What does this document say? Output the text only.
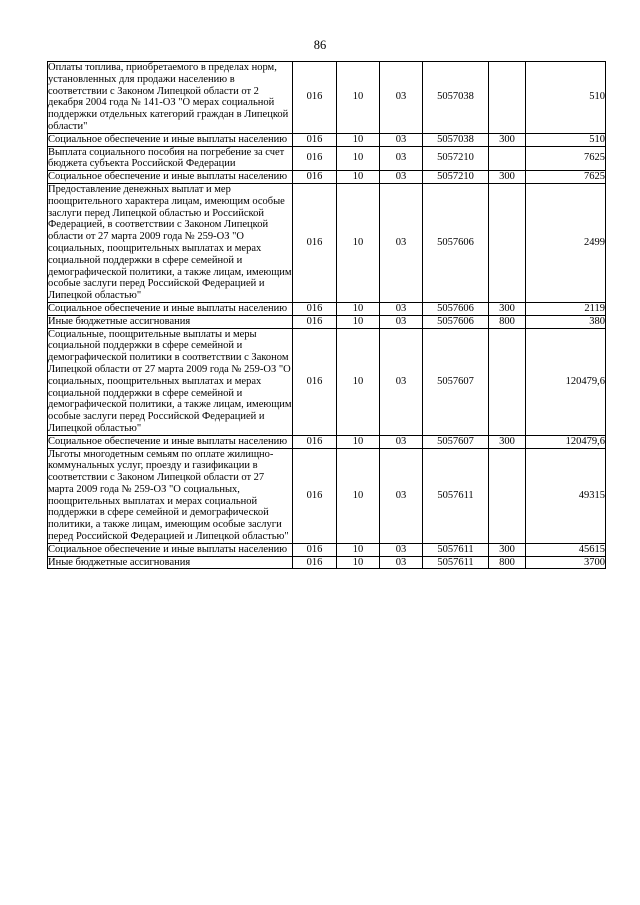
86
Оплаты топлива, приобретаемого в пределах норм, установленных для продажи населению в соответствии с Законом Липецкой области от 2 декабря 2004 года № 141-ОЗ "О мерах социальной поддержки отдельных категорий граждан в Липецкой области"	016	10	03	5057038		510
Социальное обеспечение и иные выплаты населению	016	10	03	5057038	300	510
Выплата социального пособия на погребение за счет бюджета субъекта Российской Федерации	016	10	03	5057210		7625
Социальное обеспечение и иные выплаты населению	016	10	03	5057210	300	7625
Предоставление денежных выплат и мер поощрительного характера лицам, имеющим особые заслуги перед Липецкой областью и Российской Федерацией, в соответствии с Законом Липецкой области от 27 марта 2009 года № 259-ОЗ "О социальных, поощрительных выплатах и мерах социальной поддержки в сфере семейной и демографической политики, а также лицам, имеющим особые заслуги перед Российской Федерацией и Липецкой областью"	016	10	03	5057606		2499
Социальное обеспечение и иные выплаты населению	016	10	03	5057606	300	2119
Иные бюджетные ассигнования	016	10	03	5057606	800	380
Социальные, поощрительные выплаты и меры социальной поддержки в сфере семейной и демографической политики в соответствии с Законом Липецкой области от 27 марта 2009 года № 259-ОЗ "О социальных, поощрительных выплатах и мерах социальной поддержки в сфере семейной и демографической политики, а также лицам, имеющим особые заслуги перед Российской Федерацией и Липецкой областью"	016	10	03	5057607		120479,6
Социальное обеспечение и иные выплаты населению	016	10	03	5057607	300	120479,6
Льготы многодетным семьям по оплате жилищно-коммунальных услуг, проезду и газификации в соответствии с Законом Липецкой области от 27 марта 2009 года № 259-ОЗ "О социальных, поощрительных выплатах и мерах социальной поддержки в сфере семейной и демографической политики, а также лицам, имеющим особые заслуги перед Российской Федерацией и Липецкой областью"	016	10	03	5057611		49315
Социальное обеспечение и иные выплаты населению	016	10	03	5057611	300	45615
Иные бюджетные ассигнования	016	10	03	5057611	800	3700
